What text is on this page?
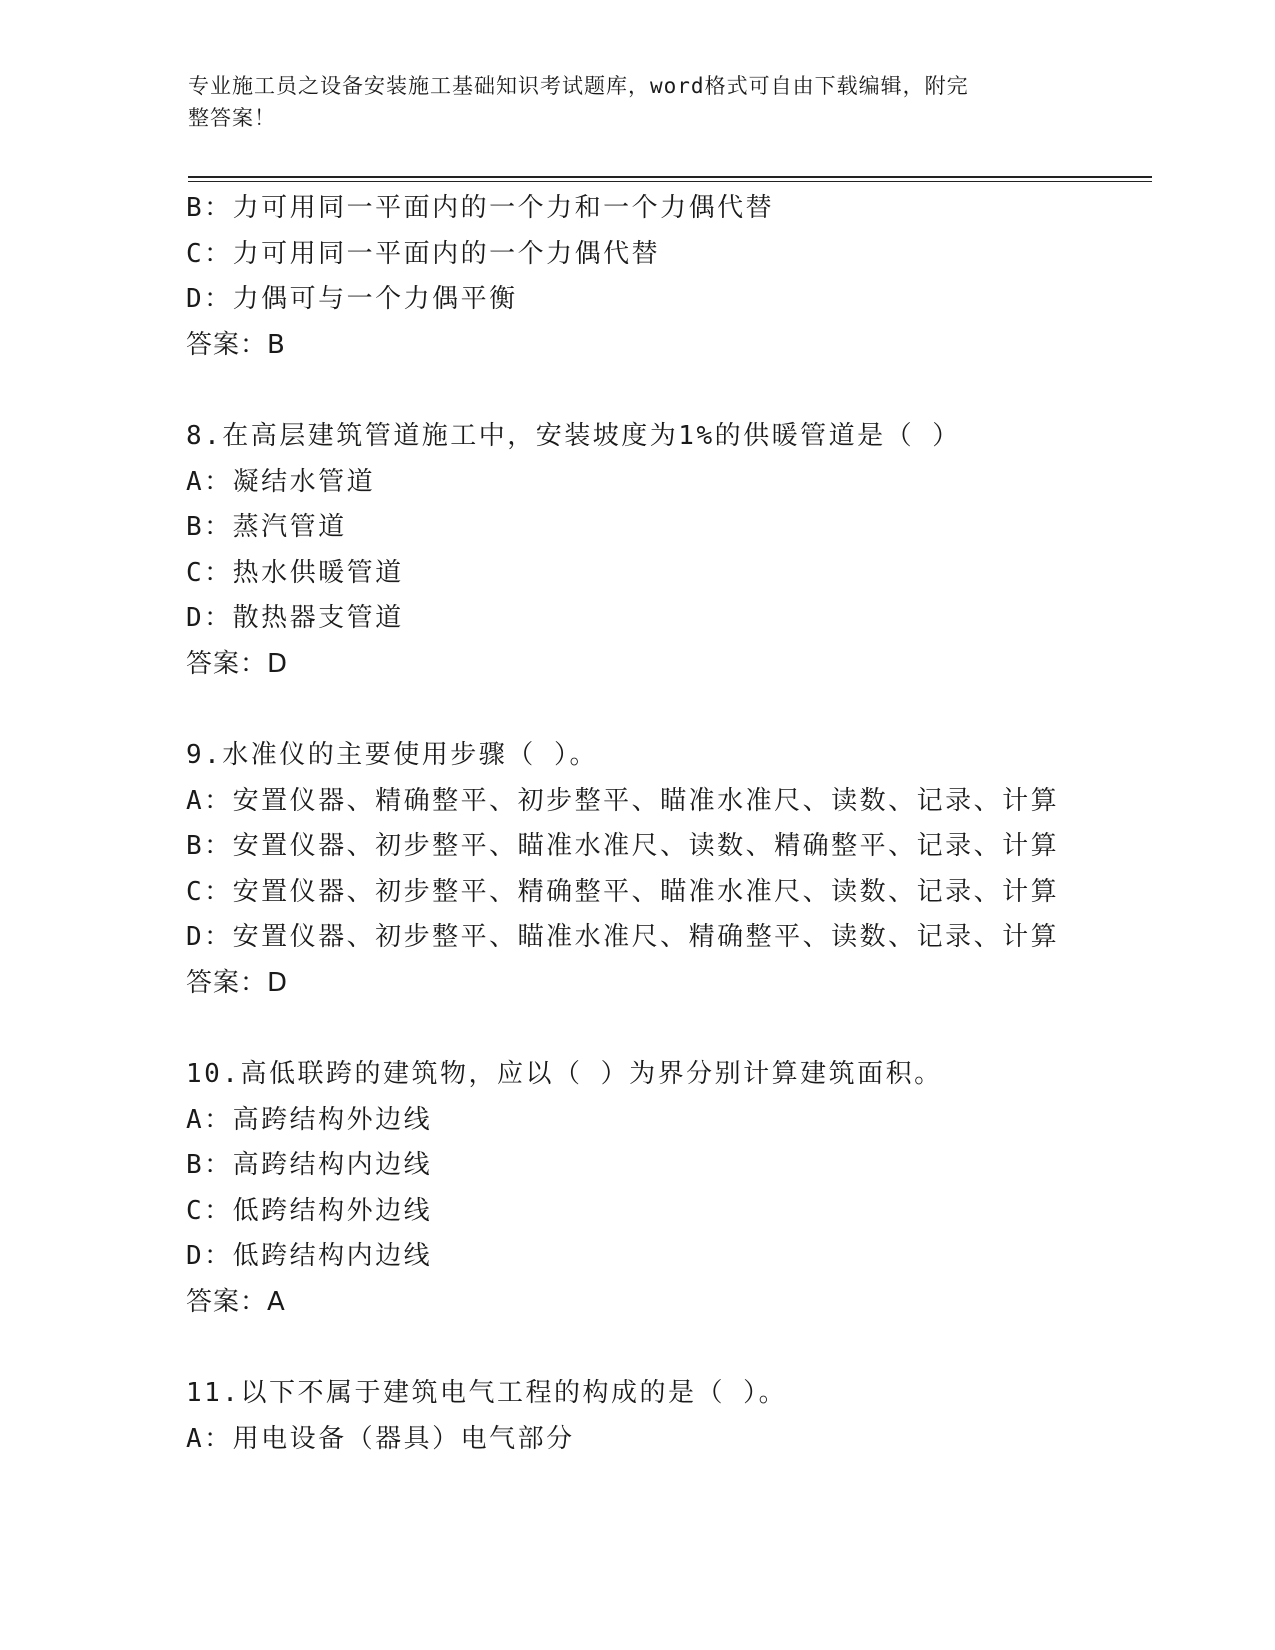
专业施工员之设备安装施工基础知识考试题库，word格式可自由下载编辑，附完
整答案！
B：力可用同一平面内的一个力和一个力偶代替
C：力可用同一平面内的一个力偶代替
D：力偶可与一个力偶平衡
答案：B
8.在高层建筑管道施工中，安装坡度为1%的供暖管道是（ ）
A：凝结水管道
B：蒸汽管道
C：热水供暖管道
D：散热器支管道
答案：D
9.水准仪的主要使用步骤（ ）。
A：安置仪器、精确整平、初步整平、瞄准水准尺、读数、记录、计算
B：安置仪器、初步整平、瞄准水准尺、读数、精确整平、记录、计算
C：安置仪器、初步整平、精确整平、瞄准水准尺、读数、记录、计算
D：安置仪器、初步整平、瞄准水准尺、精确整平、读数、记录、计算
答案：D
10.高低联跨的建筑物，应以（ ）为界分别计算建筑面积。
A：高跨结构外边线
B：高跨结构内边线
C：低跨结构外边线
D：低跨结构内边线
答案：A
11.以下不属于建筑电气工程的构成的是（ ）。
A：用电设备（器具）电气部分
